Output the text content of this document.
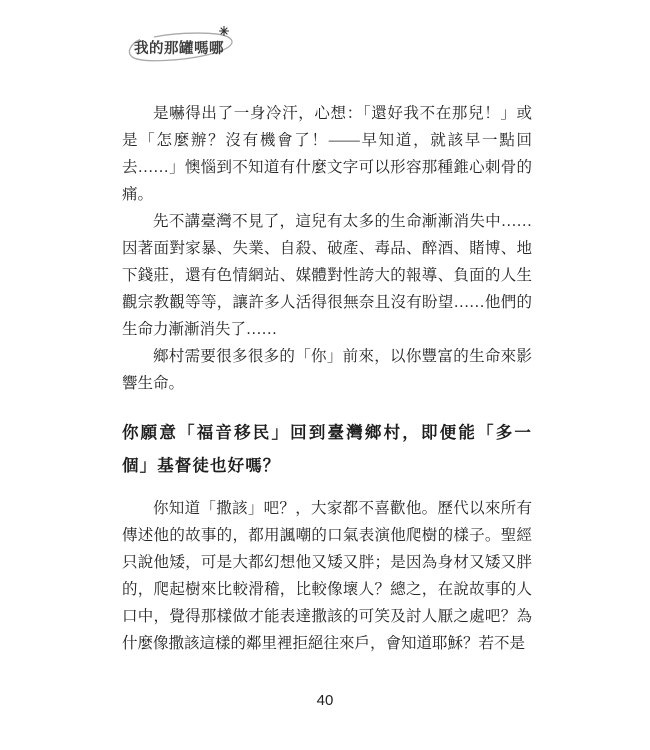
我的那罐嗎哪

是嚇得出了一身冷汗，心想：「還好我不在那兒！」或是「怎麼辦？沒有機會了！——早知道，就該早一點回去……」懊惱到不知道有什麼文字可以形容那種錐心刺骨的痛。

先不講臺灣不見了，這兒有太多的生命漸漸消失中……因著面對家暴、失業、自殺、破產、毒品、醉酒、賭博、地下錢莊，還有色情網站、媒體對性誇大的報導、負面的人生觀宗教觀等等，讓許多人活得很無奈且沒有盼望……他們的生命力漸漸消失了……

鄉村需要很多很多的「你」前來，以你豐富的生命來影響生命。

你願意「福音移民」回到臺灣鄉村，即便能「多一個」基督徒也好嗎？

你知道「撒該」吧？，大家都不喜歡他。歷代以來所有傳述他的故事的，都用諷嘲的口氣表演他爬樹的樣子。聖經只說他矮，可是大都幻想他又矮又胖；是因為身材又矮又胖的，爬起樹來比較滑稽，比較像壞人？總之，在說故事的人口中，覺得那樣做才能表達撒該的可笑及討人厭之處吧？為什麼像撒該這樣的鄰里裡拒絕往來戶，會知道耶穌？若不是

40
